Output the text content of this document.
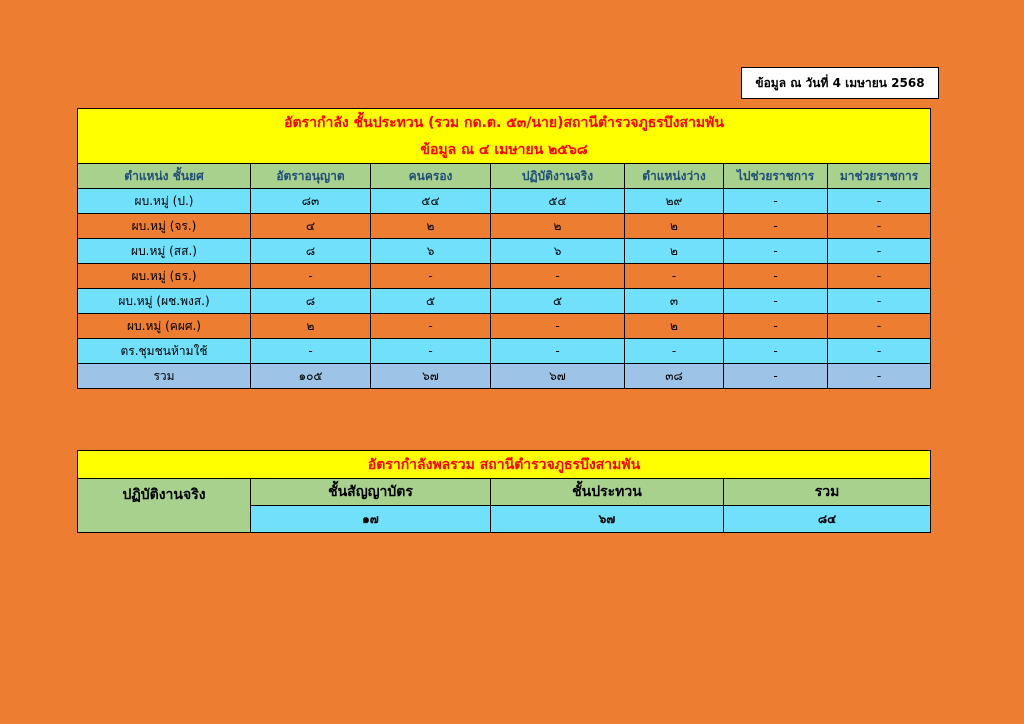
ข้อมูล ณ วันที่ 4 เมษายน 2568
อัตรากำลัง ชั้นประทวน (รวม กด.ต. ๕๓/นาย)สถานีตำรวจภูธรบึงสามพัน						
ข้อมูล ณ ๔ เมษายน ๒๕๖๘						
ตำแหน่ง ชั้นยศ	อัตราอนุญาต	คนครอง	ปฏิบัติงานจริง	ตำแหน่งว่าง	ไปช่วยราชการ	มาช่วยราชการ
ผบ.หมู่ (ป.)	๘๓	๕๔	๕๔	๒๙	-	-
ผบ.หมู่ (จร.)	๔	๒	๒	๒	-	-
ผบ.หมู่ (สส.)	๘	๖	๖	๒	-	-
ผบ.หมู่ (ธร.)	-	-	-	-	-	-
ผบ.หมู่ (ผช.พงส.)	๘	๕	๕	๓	-	-
ผบ.หมู่ (คผศ.)	๒	-	-	๒	-	-
ตร.ชุมชนห้ามใช้	-	-	-	-	-	-
รวม	๑๐๕	๖๗	๖๗	๓๘	-	-
อัตรากำลังพลรวม สถานีตำรวจภูธรบึงสามพัน			
ปฏิบัติงานจริง	ชั้นสัญญาบัตร	ชั้นประทวน	รวม
	๑๗	๖๗	๘๔
